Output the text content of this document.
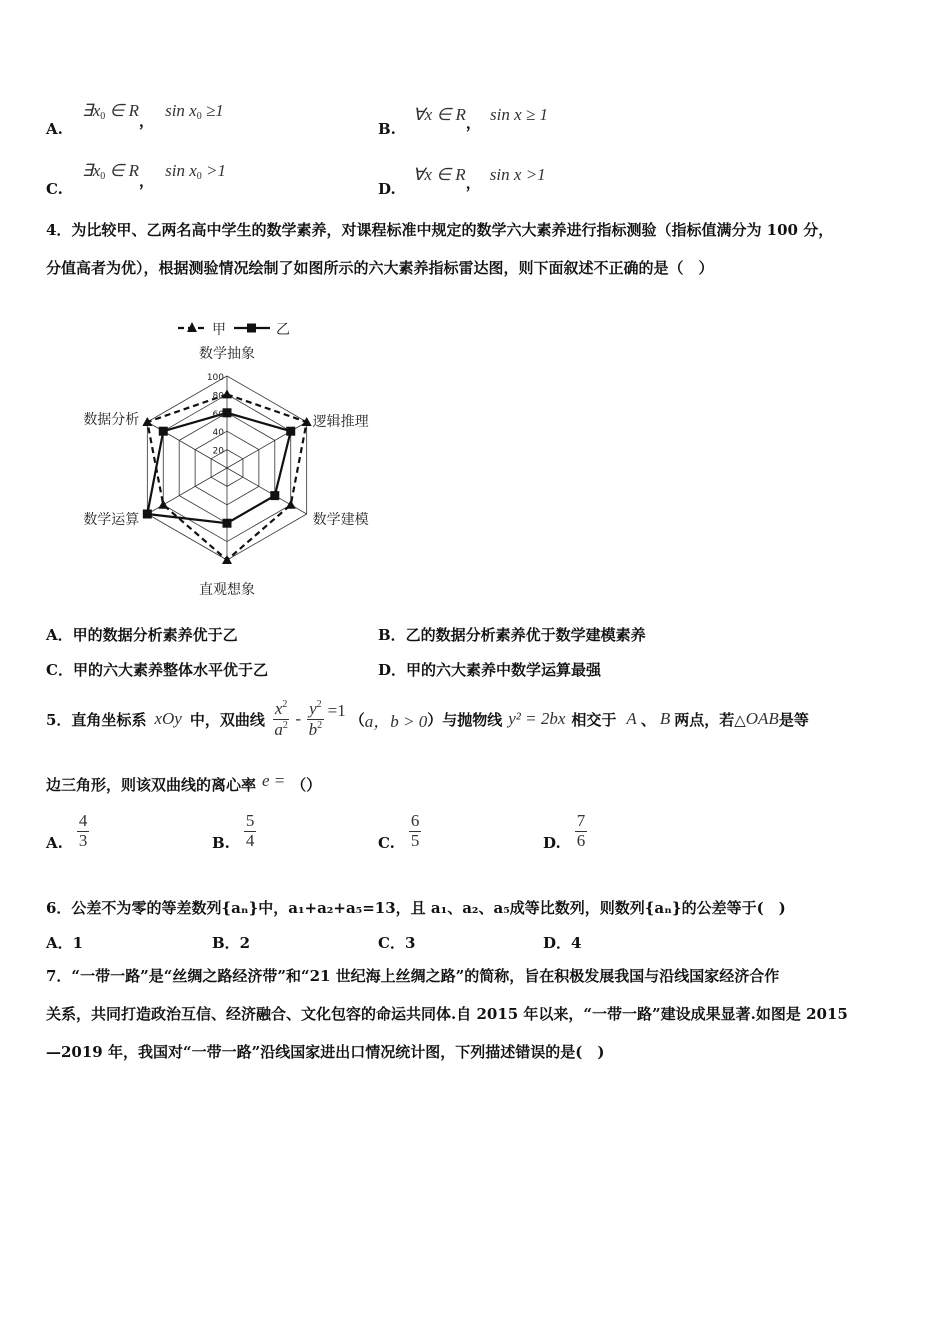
A. $\exists x_0$ ∈ R， $\sin x_0 \ge 1$
B. ∀x ∈ R， sin x ≥ 1
C. $\exists x_0$ ∈ R， $\sin x_0 >1$
D. ∀x ∈ R， sin x >1
4．为比较甲、乙两名高中学生的数学素养，对课程标准中规定的数学六大素养进行指标测验（指标值满分为 100 分，
分值高者为优），根据测验情况绘制了如图所示的六大素养指标雷达图，则下面叙述不正确的是（　）
20
40
60
80
100
数学抽象
逻辑推理
数学建模
直观想象
数学运算
数据分析
甲	乙
A．甲的数据分析素养优于乙	B．乙的数据分析素养优于数学建模素养
C．甲的六大素养整体水平优于乙	D．甲的六大素养中数学运算最强
5．直角坐标系 xOy 中，双曲线 $\frac{x^2}{a^2} - \frac{y^2}{b^2} =1$ （ a，b > 0 ） 与抛物线 y² = 2bx 相交于 A 、 B 两点，若△ OAB 是等
边三角形，则该双曲线的离心率 e = （）
A. $\frac{4}{3}$	B. $\frac{5}{4}$	C. $\frac{6}{5}$	D. $\frac{7}{6}$
6．公差不为零的等差数列{aₙ}中，a₁+a₂+a₅=13，且 a₁、a₂、a₅成等比数列，则数列{aₙ}的公差等于(　)
A．1	B．2	C．3	D．4
7．“一带一路”是“丝绸之路经济带”和“21 世纪海上丝绸之路”的简称，旨在积极发展我国与沿线国家经济合作
关系，共同打造政治互信、经济融合、文化包容的命运共同体.自 2015 年以来，“一带一路”建设成果显著.如图是 2015
—2019 年，我国对“一带一路”沿线国家进出口情况统计图，下列描述错误的是(　)
